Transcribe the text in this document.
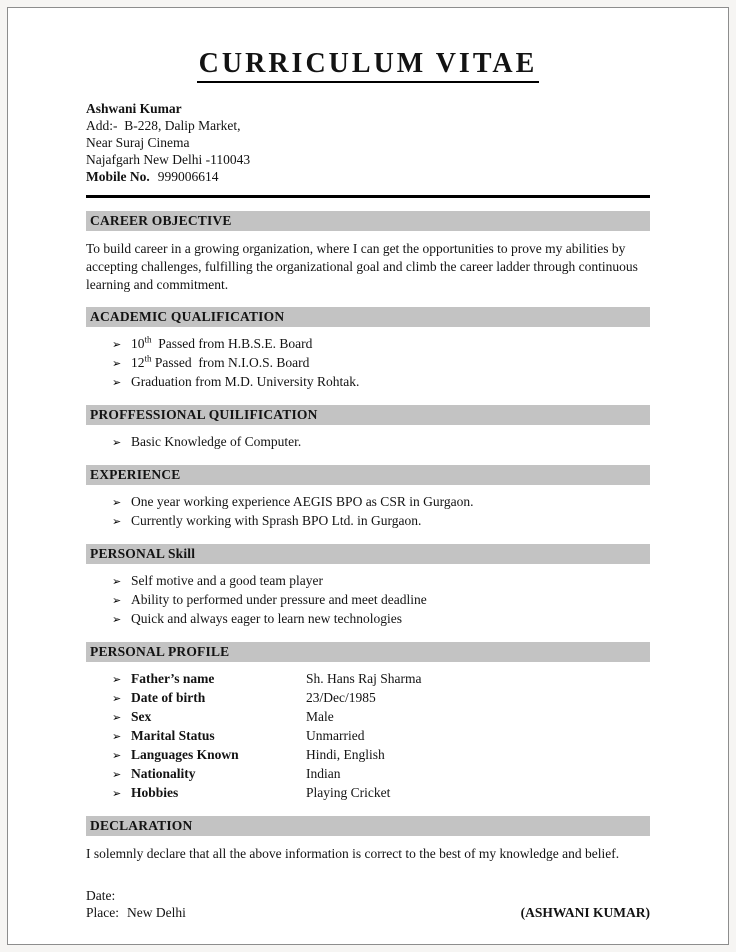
CURRICULUM VITAE
Ashwani Kumar
Add:-  B-228, Dalip Market,
Near Suraj Cinema
Najafgarh New Delhi -110043
Mobile No. 999006614
CAREER OBJECTIVE

To build career in a growing organization, where I can get the opportunities to prove my abilities by accepting challenges, fulfilling the organizational goal and climb the career ladder through continuous learning and commitment.

ACADEMIC QUALIFICATION
➢ 10th  Passed from H.B.S.E. Board
➢ 12th Passed  from N.I.O.S. Board
➢ Graduation from M.D. University Rohtak.
PROFFESSIONAL QUILIFICATION
➢ Basic Knowledge of Computer.
EXPERIENCE
➢ One year working experience AEGIS BPO as CSR in Gurgaon.
➢ Currently working with Sprash BPO Ltd. in Gurgaon.
PERSONAL Skill
➢ Self motive and a good team player
➢ Ability to performed under pressure and meet deadline
➢ Quick and always eager to learn new technologies
PERSONAL PROFILE
➢ Father’s name	Sh. Hans Raj Sharma
➢ Date of birth	23/Dec/1985
➢ Sex	Male
➢ Marital Status	Unmarried
➢ Languages Known	Hindi, English
➢ Nationality	Indian
➢ Hobbies	Playing Cricket
DECLARATION

I solemnly declare that all the above information is correct to the best of my knowledge and belief.

Date:
Place: New Delhi	(ASHWANI KUMAR)
